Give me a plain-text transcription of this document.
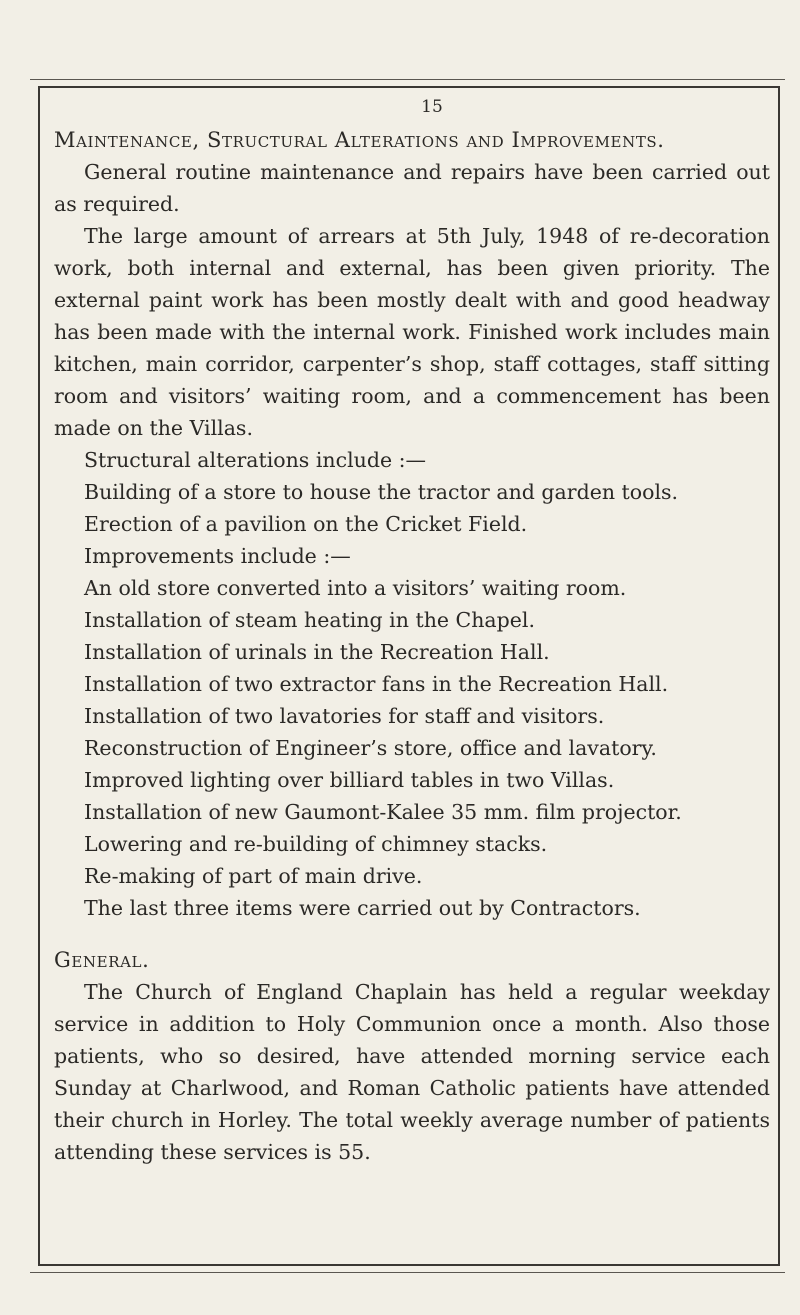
15
Maintenance, Structural Alterations and Improvements.

General routine maintenance and repairs have been carried out as required.

The large amount of arrears at 5th July, 1948 of re-decoration work, both internal and external, has been given priority. The external paint work has been mostly dealt with and good headway has been made with the internal work. Finished work includes main kitchen, main corridor, carpenter’s shop, staff cottages, staff sitting room and visitors’ waiting room, and a commencement has been made on the Villas.

Structural alterations include :—

Building of a store to house the tractor and garden tools.
Erection of a pavilion on the Cricket Field.

Improvements include :—

An old store converted into a visitors’ waiting room.
Installation of steam heating in the Chapel.
Installation of urinals in the Recreation Hall.
Installation of two extractor fans in the Recreation Hall.
Installation of two lavatories for staff and visitors.
Reconstruction of Engineer’s store, office and lavatory.
Improved lighting over billiard tables in two Villas.
Installation of new Gaumont-Kalee 35 mm. film projector.
Lowering and re-building of chimney stacks.
Re-making of part of main drive.

The last three items were carried out by Contractors.

General.

The Church of England Chaplain has held a regular weekday service in addition to Holy Communion once a month. Also those patients, who so desired, have attended morning service each Sunday at Charlwood, and Roman Catholic patients have attended their church in Horley. The total weekly average number of patients attending these services is 55.
